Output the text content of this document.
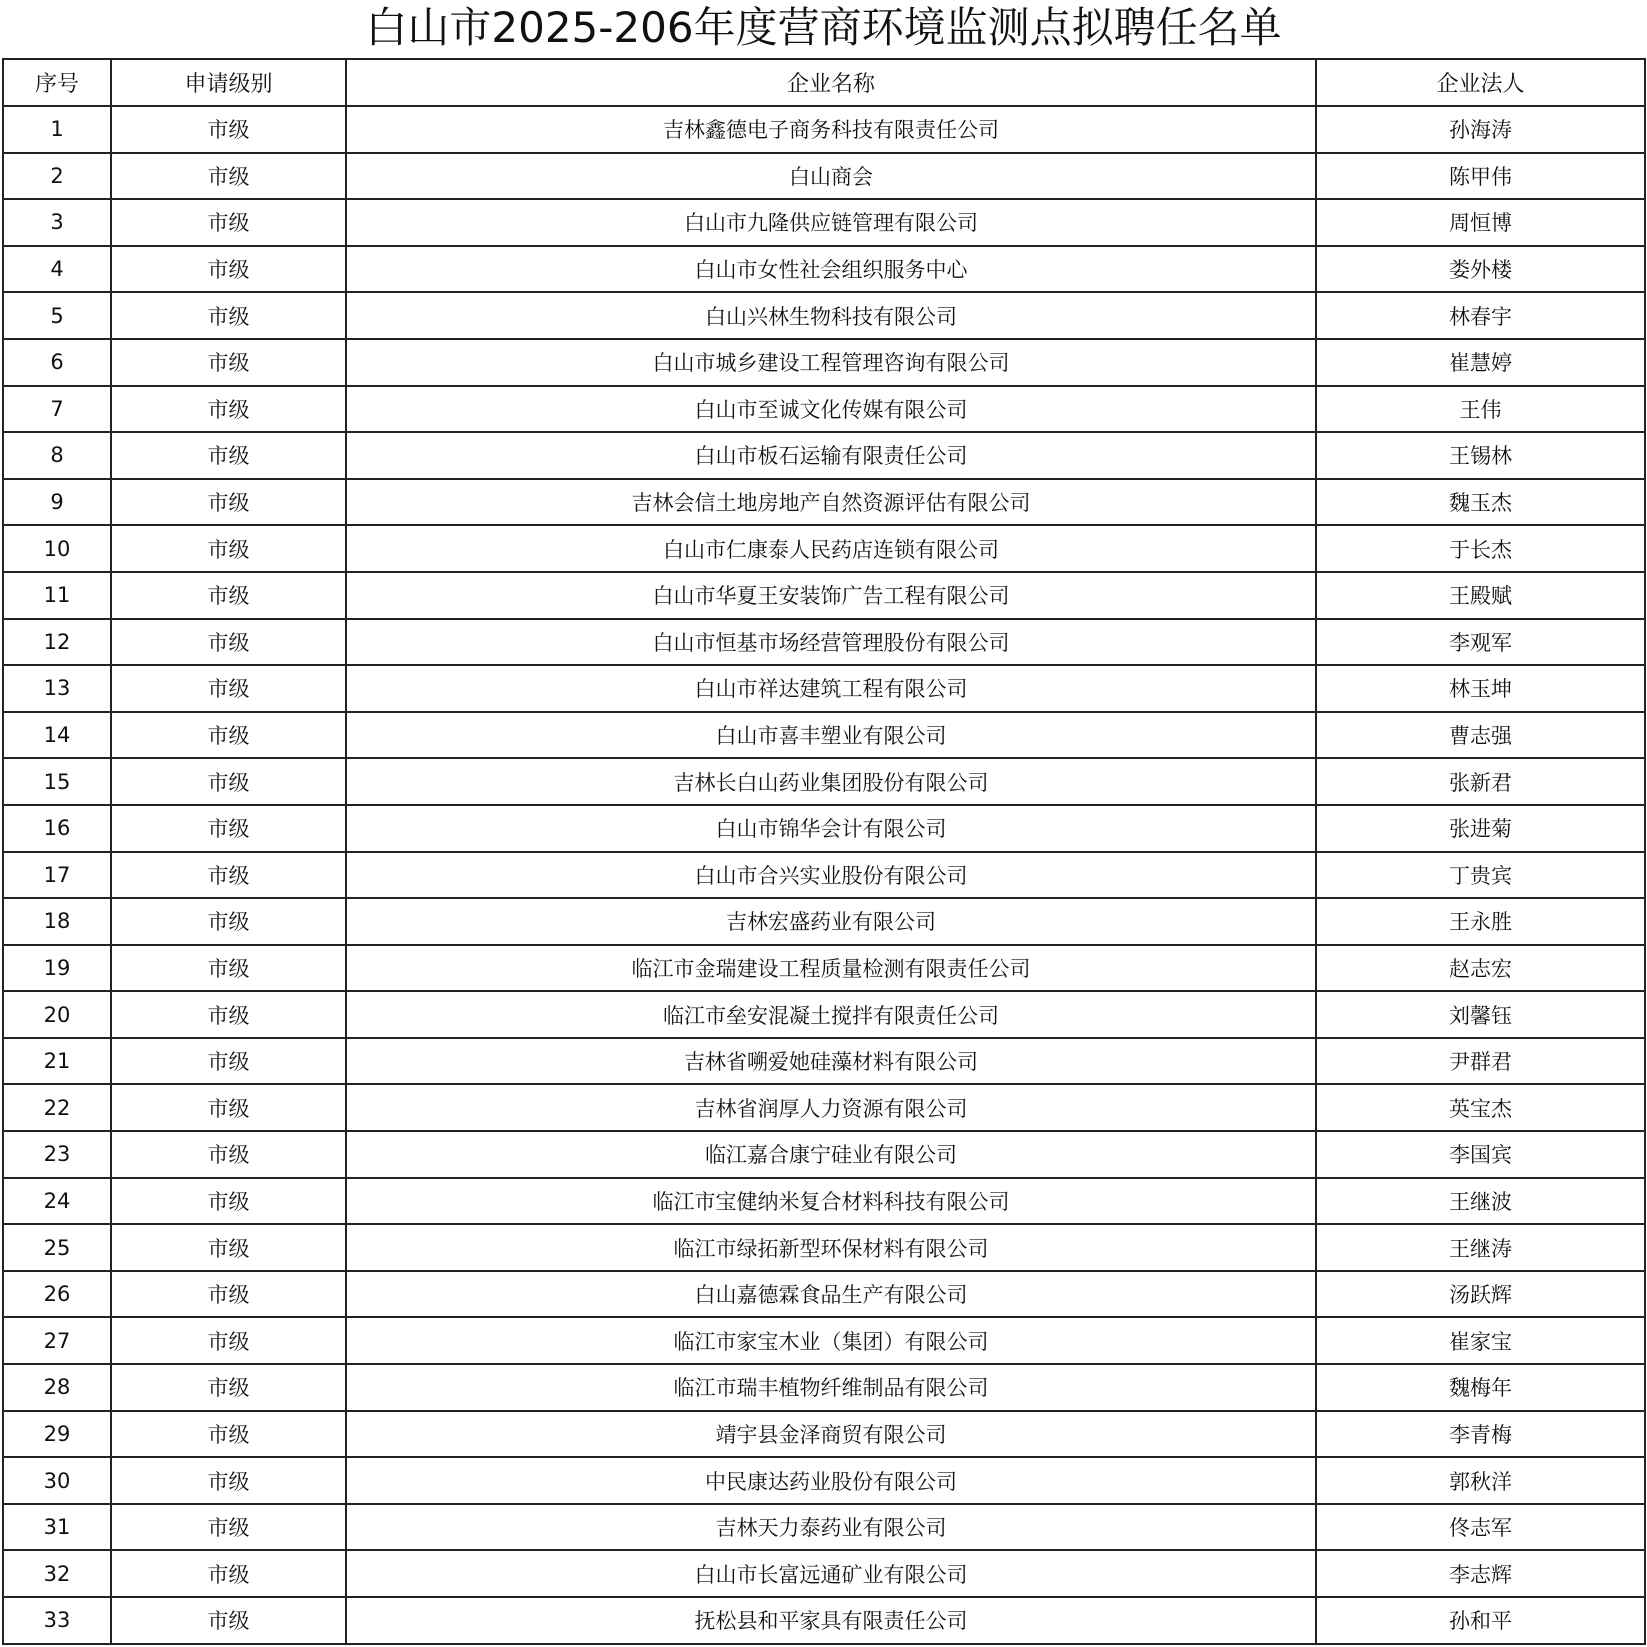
白山市2025-206年度营商环境监测点拟聘任名单
序号	申请级别	企业名称	企业法人
1	市级	吉林鑫德电子商务科技有限责任公司	孙海涛
2	市级	白山商会	陈甲伟
3	市级	白山市九隆供应链管理有限公司	周恒博
4	市级	白山市女性社会组织服务中心	娄外楼
5	市级	白山兴林生物科技有限公司	林春宇
6	市级	白山市城乡建设工程管理咨询有限公司	崔慧婷
7	市级	白山市至诚文化传媒有限公司	王伟
8	市级	白山市板石运输有限责任公司	王锡林
9	市级	吉林会信土地房地产自然资源评估有限公司	魏玉杰
10	市级	白山市仁康泰人民药店连锁有限公司	于长杰
11	市级	白山市华夏王安装饰广告工程有限公司	王殿赋
12	市级	白山市恒基市场经营管理股份有限公司	李观军
13	市级	白山市祥达建筑工程有限公司	林玉坤
14	市级	白山市喜丰塑业有限公司	曹志强
15	市级	吉林长白山药业集团股份有限公司	张新君
16	市级	白山市锦华会计有限公司	张进菊
17	市级	白山市合兴实业股份有限公司	丁贵宾
18	市级	吉林宏盛药业有限公司	王永胜
19	市级	临江市金瑞建设工程质量检测有限责任公司	赵志宏
20	市级	临江市垒安混凝土搅拌有限责任公司	刘馨钰
21	市级	吉林省嗍爱她硅藻材料有限公司	尹群君
22	市级	吉林省润厚人力资源有限公司	英宝杰
23	市级	临江嘉合康宁硅业有限公司	李国宾
24	市级	临江市宝健纳米复合材料科技有限公司	王继波
25	市级	临江市绿拓新型环保材料有限公司	王继涛
26	市级	白山嘉德霖食品生产有限公司	汤跃辉
27	市级	临江市家宝木业（集团）有限公司	崔家宝
28	市级	临江市瑞丰植物纤维制品有限公司	魏梅年
29	市级	靖宇县金泽商贸有限公司	李青梅
30	市级	中民康达药业股份有限公司	郭秋洋
31	市级	吉林天力泰药业有限公司	佟志军
32	市级	白山市长富远通矿业有限公司	李志辉
33	市级	抚松县和平家具有限责任公司	孙和平
